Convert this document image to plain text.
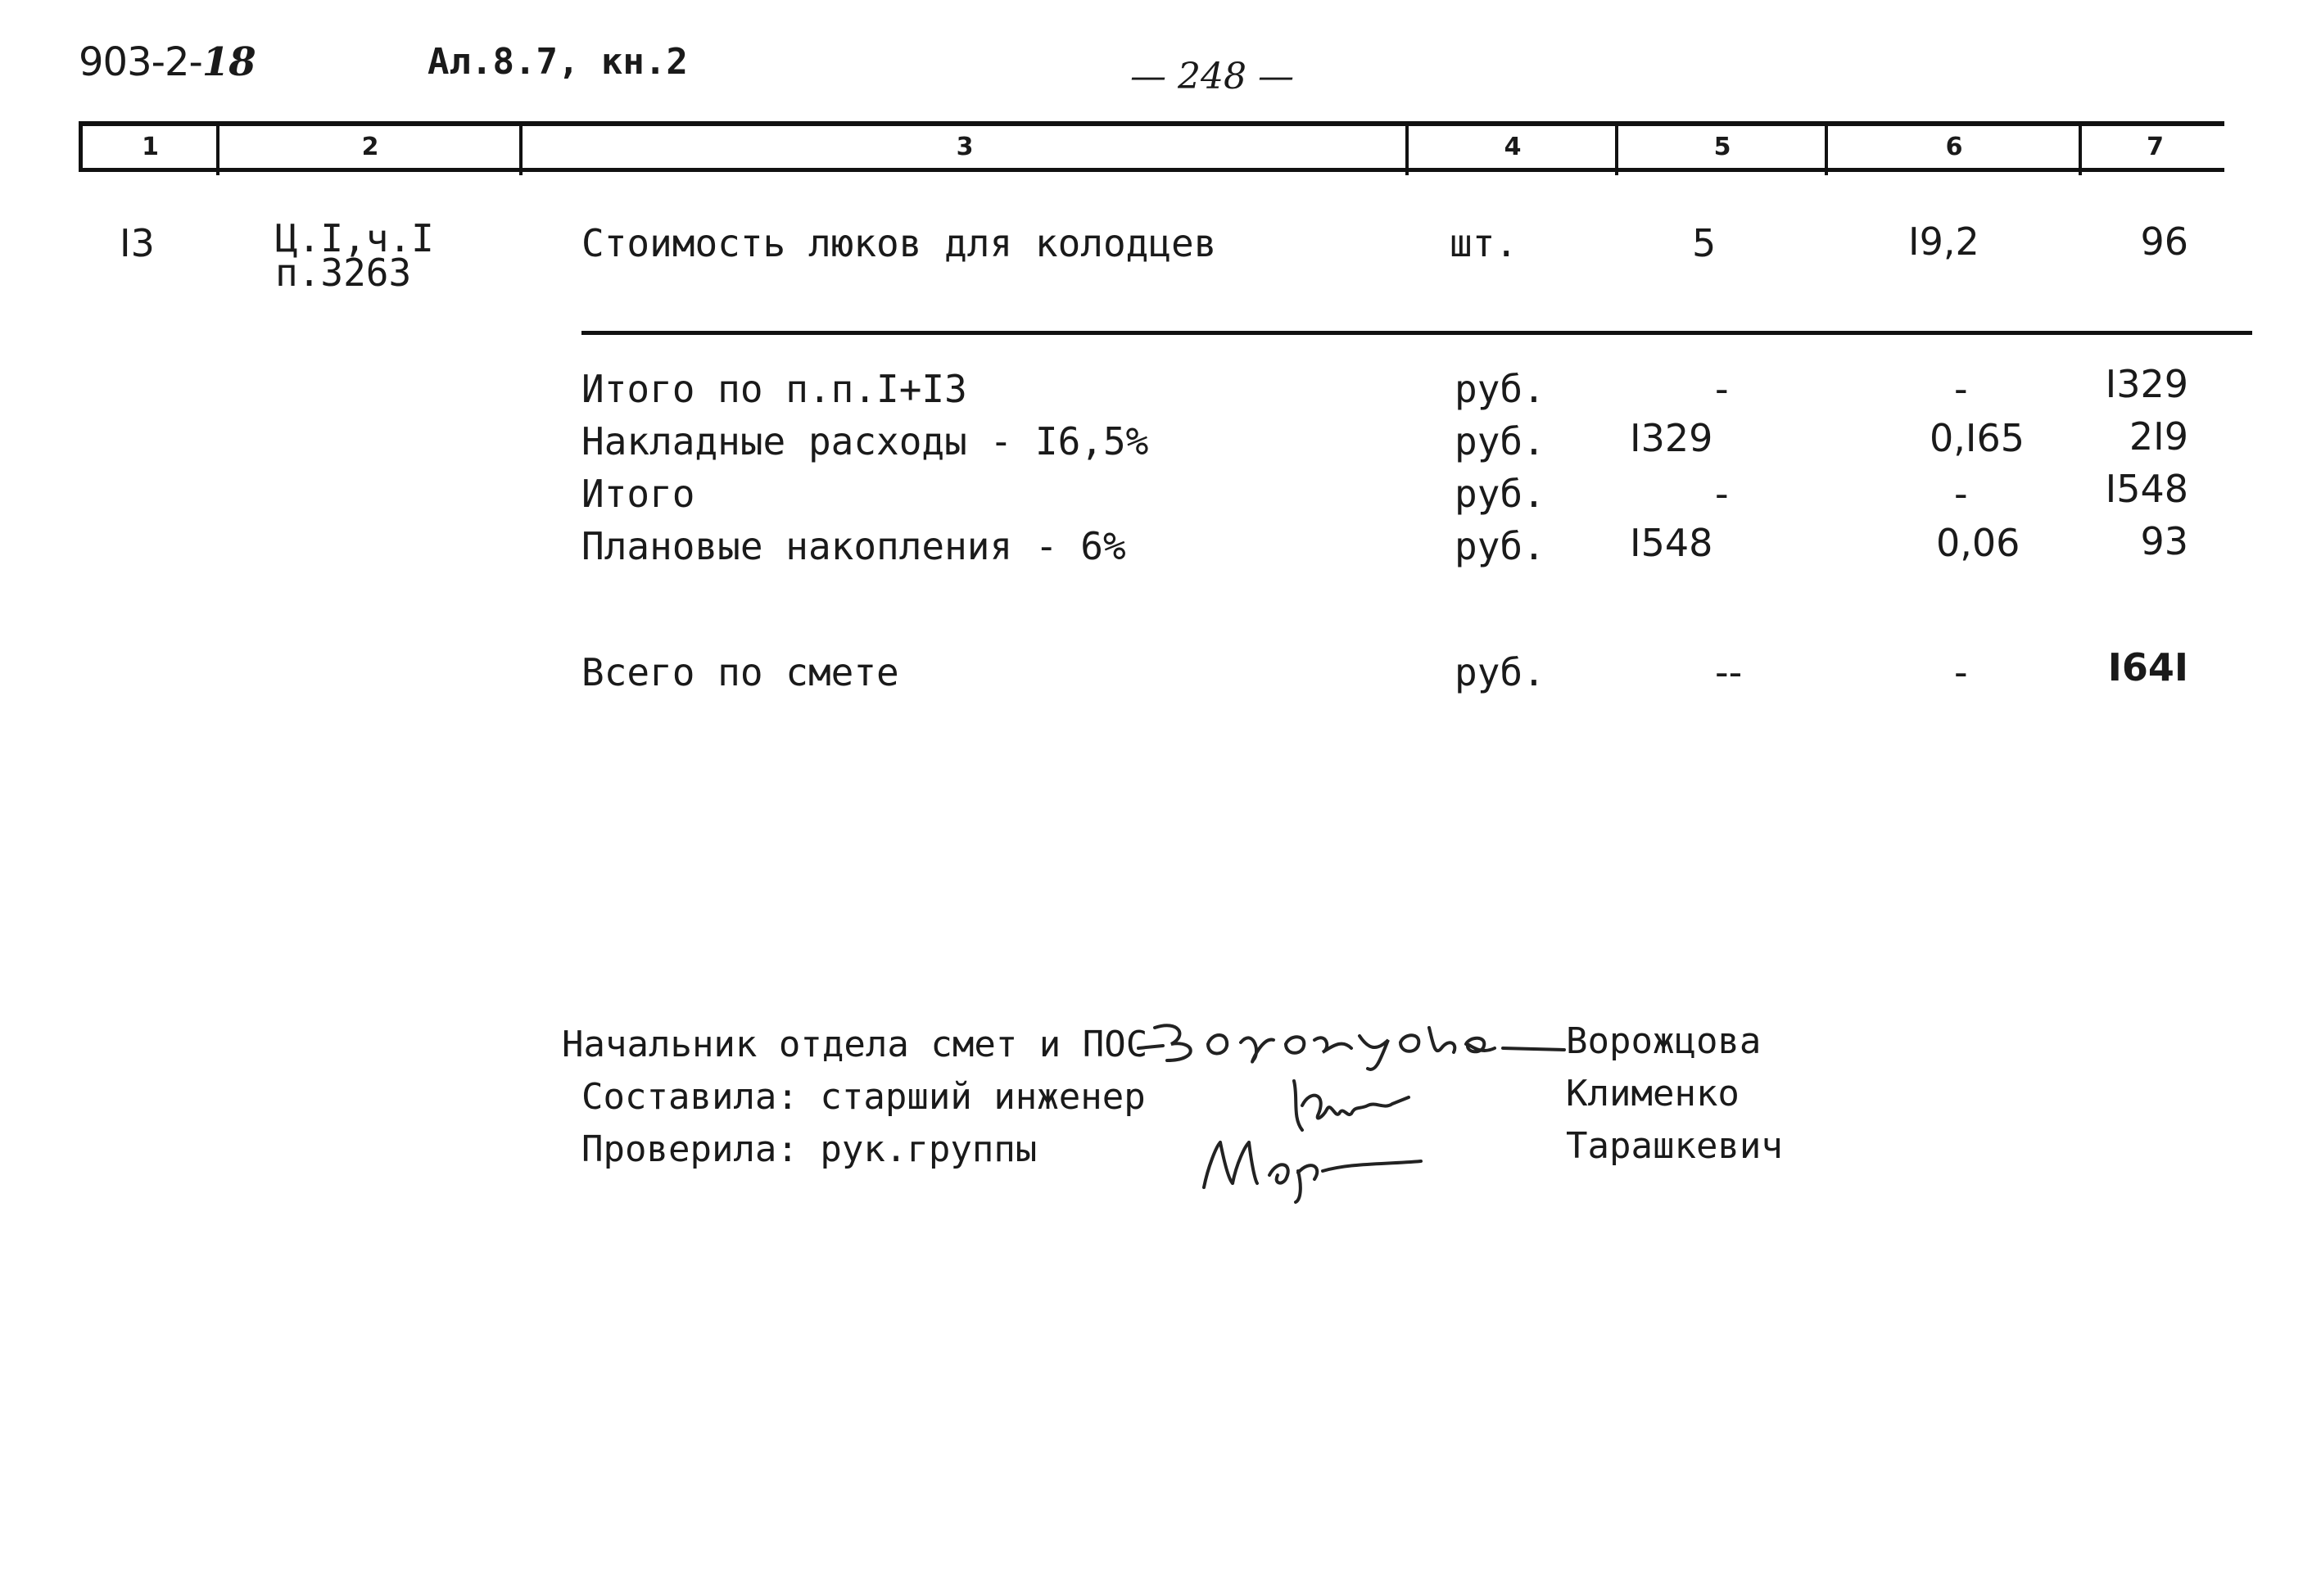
903-2-18	Ал.8.7, кн.2	— 248 —
1	2	3	4	5	6	7
I3	Ц.I,ч.I
п.3263
Стоимость люков для колодцев	шт.	5	I9,2	96
Итого по п.п.I+I3	руб.	-	-	I329
Накладные расходы - I6,5%	руб. I329	0,I65	2I9
Итого	руб.	-	-	I548
Плановые накопления - 6%	руб. I548	0,06	93
Всего по смете	руб.	--	-	I64I
Начальник отдела смет и ПОС
Составила: старший инженер
Проверила: рук.группы
Ворожцова
Клименко
Тарашкевич
